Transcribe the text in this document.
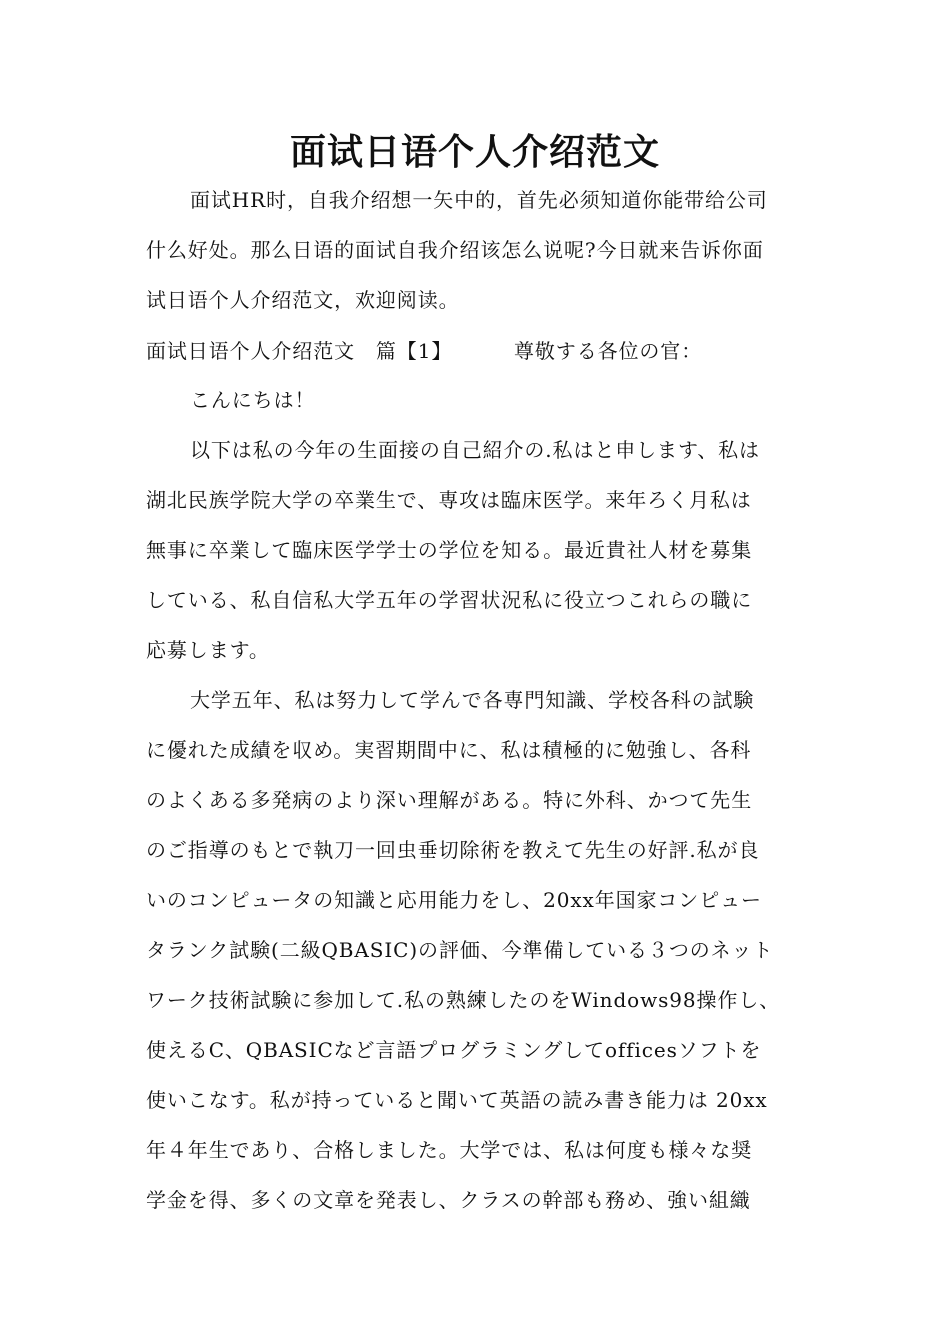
面试日语个人介绍范文
面试HR时，自我介绍想一矢中的，首先必须知道你能带给公司
什么好处。那么日语的面试自我介绍该怎么说呢?今日就来告诉你面
试日语个人介绍范文，欢迎阅读。
面试日语个人介绍范文　篇【1】	尊敬する各位の官：
こんにちは！
以下は私の今年の生面接の自己紹介の.私はと申します、私は
湖北民族学院大学の卒業生で、専攻は臨床医学。来年ろく月私は
無事に卒業して臨床医学学士の学位を知る。最近貴社人材を募集
している、私自信私大学五年の学習状況私に役立つこれらの職に
応募します。
大学五年、私は努力して学んで各専門知識、学校各科の試験
に優れた成績を収め。実習期間中に、私は積極的に勉強し、各科
のよくある多発病のより深い理解がある。特に外科、かつて先生
のご指導のもとで執刀一回虫垂切除術を教えて先生の好評.私が良
いのコンピュータの知識と応用能力をし、20xx年国家コンピュー
タランク試験(二級QBASIC)の評価、今準備している３つのネット
ワーク技術試験に参加して.私の熟練したのをWindows98操作し、
使えるC、QBASICなど言語プログラミングしてofficesソフトを
使いこなす。私が持っていると聞いて英語の読み書き能力は 20xx
年４年生であり、合格しました。大学では、私は何度も様々な奨
学金を得、多くの文章を発表し、クラスの幹部も務め、強い組織
